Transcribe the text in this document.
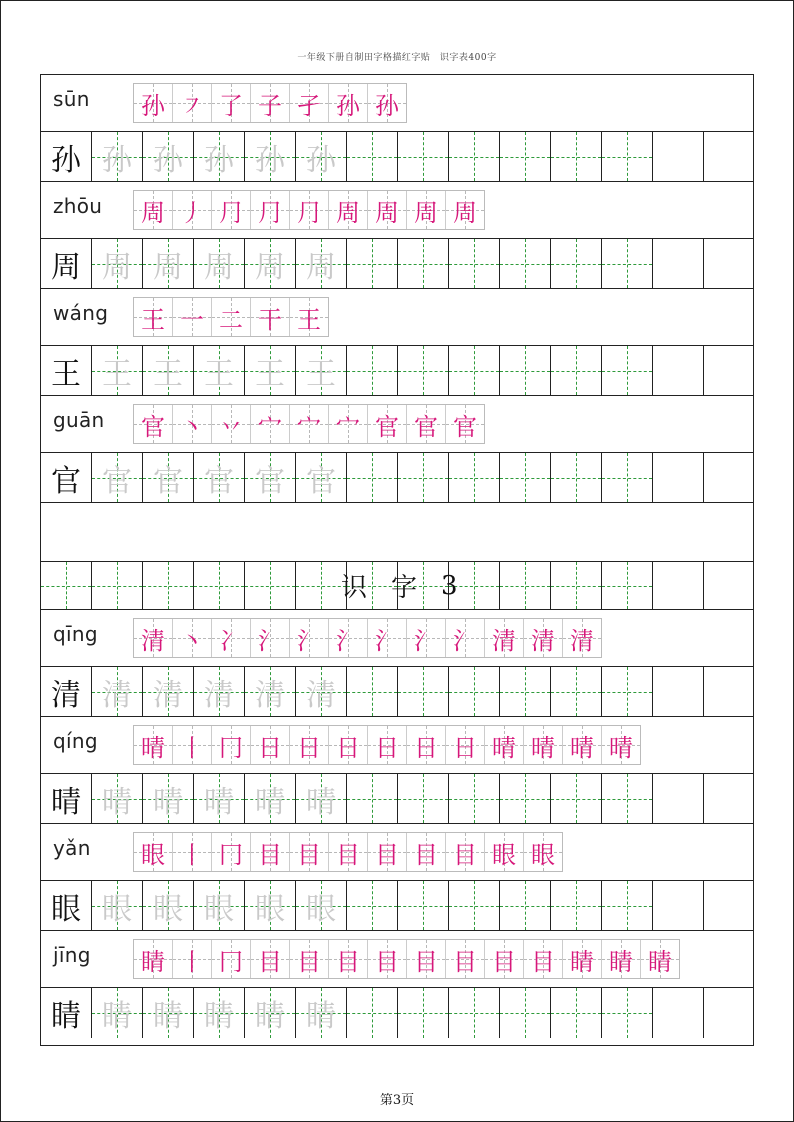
一年级下册自制田字格描红字贴　识字表400字
sūn 孙 ㇇ 了 子 孑 孙 孙
孙 孙 孙 孙 孙 孙
zhōu 周 丿 ⺆ ⺆ ⺆ 周 周 周 周
周 周 周 周 周 周
wáng 王 一 二 干 王
王 王 王 王 王 王
guān 官 丶 丷 宀 宀 宀 官 官 官
官 官 官 官 官 官
识 字 3
qīng 清 丶 冫 氵 氵 氵 氵 氵 氵 清 清 清
清 清 清 清 清 清
qíng 晴 丨 冂 日 日 日 日 日 日 晴 晴 晴 晴
晴 晴 晴 晴 晴 晴
yǎn 眼 丨 冂 目 目 目 目 目 目 眼 眼
眼 眼 眼 眼 眼 眼
jīng 睛 丨 冂 目 目 目 目 目 目 目 目 睛 睛 睛
睛 睛 睛 睛 睛 睛
第3页
